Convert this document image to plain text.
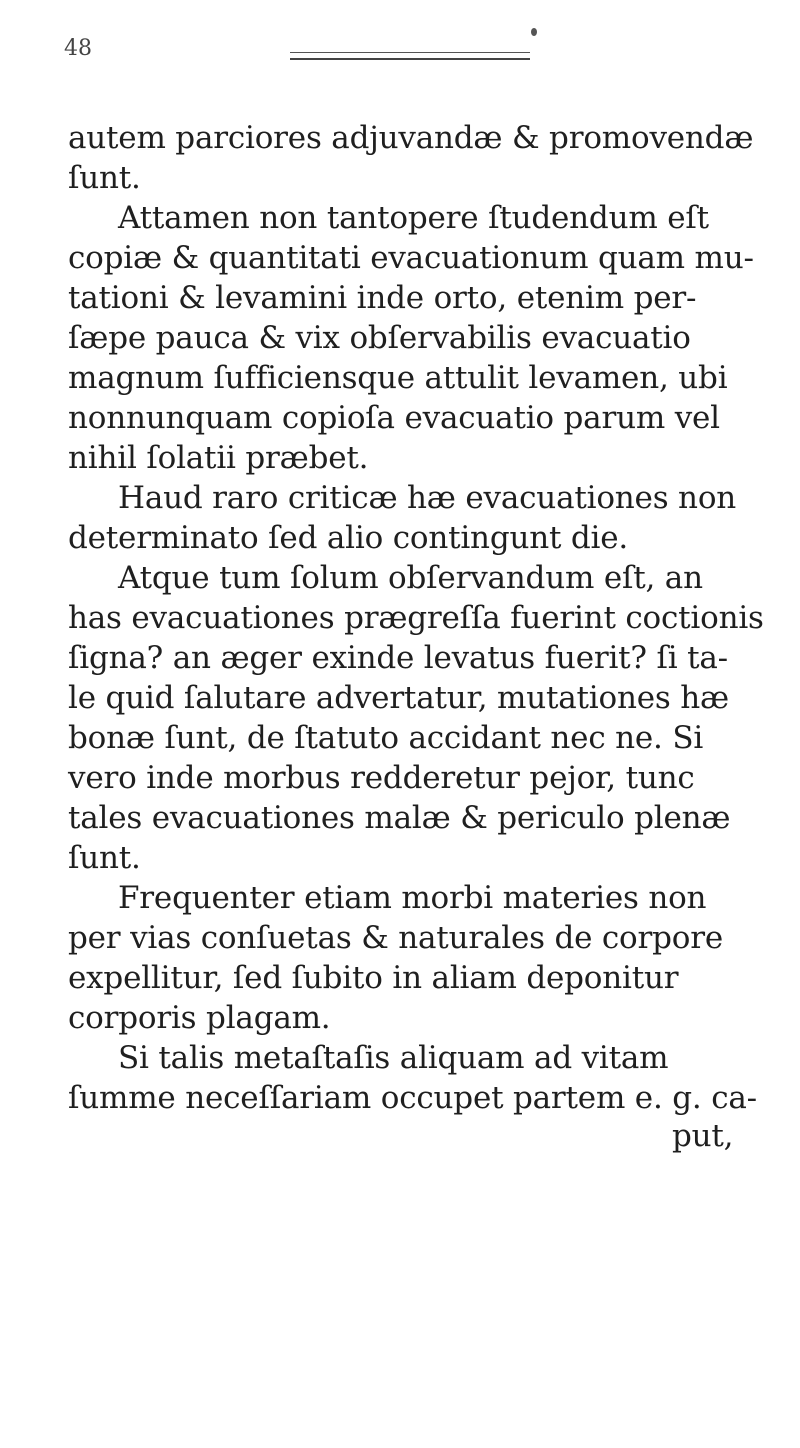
48
autem parciores adjuvandæ & promovendæ
ſunt.
Attamen non tantopere ſtudendum eſt
copiæ & quantitati evacuationum quam mu-
tationi & levamini inde orto, etenim per-
ſæpe pauca & vix obſervabilis evacuatio
magnum ſufficiensque attulit levamen, ubi
nonnunquam copioſa evacuatio parum vel
nihil ſolatii præbet.
Haud raro criticæ hæ evacuationes non
determinato ſed alio contingunt die.
Atque tum ſolum obſervandum eſt, an
has evacuationes prægreſſa fuerint coctionis
ſigna? an æger exinde levatus fuerit? ſi ta-
le quid ſalutare advertatur, mutationes hæ
bonæ ſunt, de ſtatuto accidant nec ne. Si
vero inde morbus redderetur pejor, tunc
tales evacuationes malæ & periculo plenæ
ſunt.
Frequenter etiam morbi materies non
per vias conſuetas & naturales de corpore
expellitur, ſed ſubito in aliam deponitur
corporis plagam.
Si talis metaſtaſis aliquam ad vitam
ſumme neceſſariam occupet partem e. g. ca-
put,
